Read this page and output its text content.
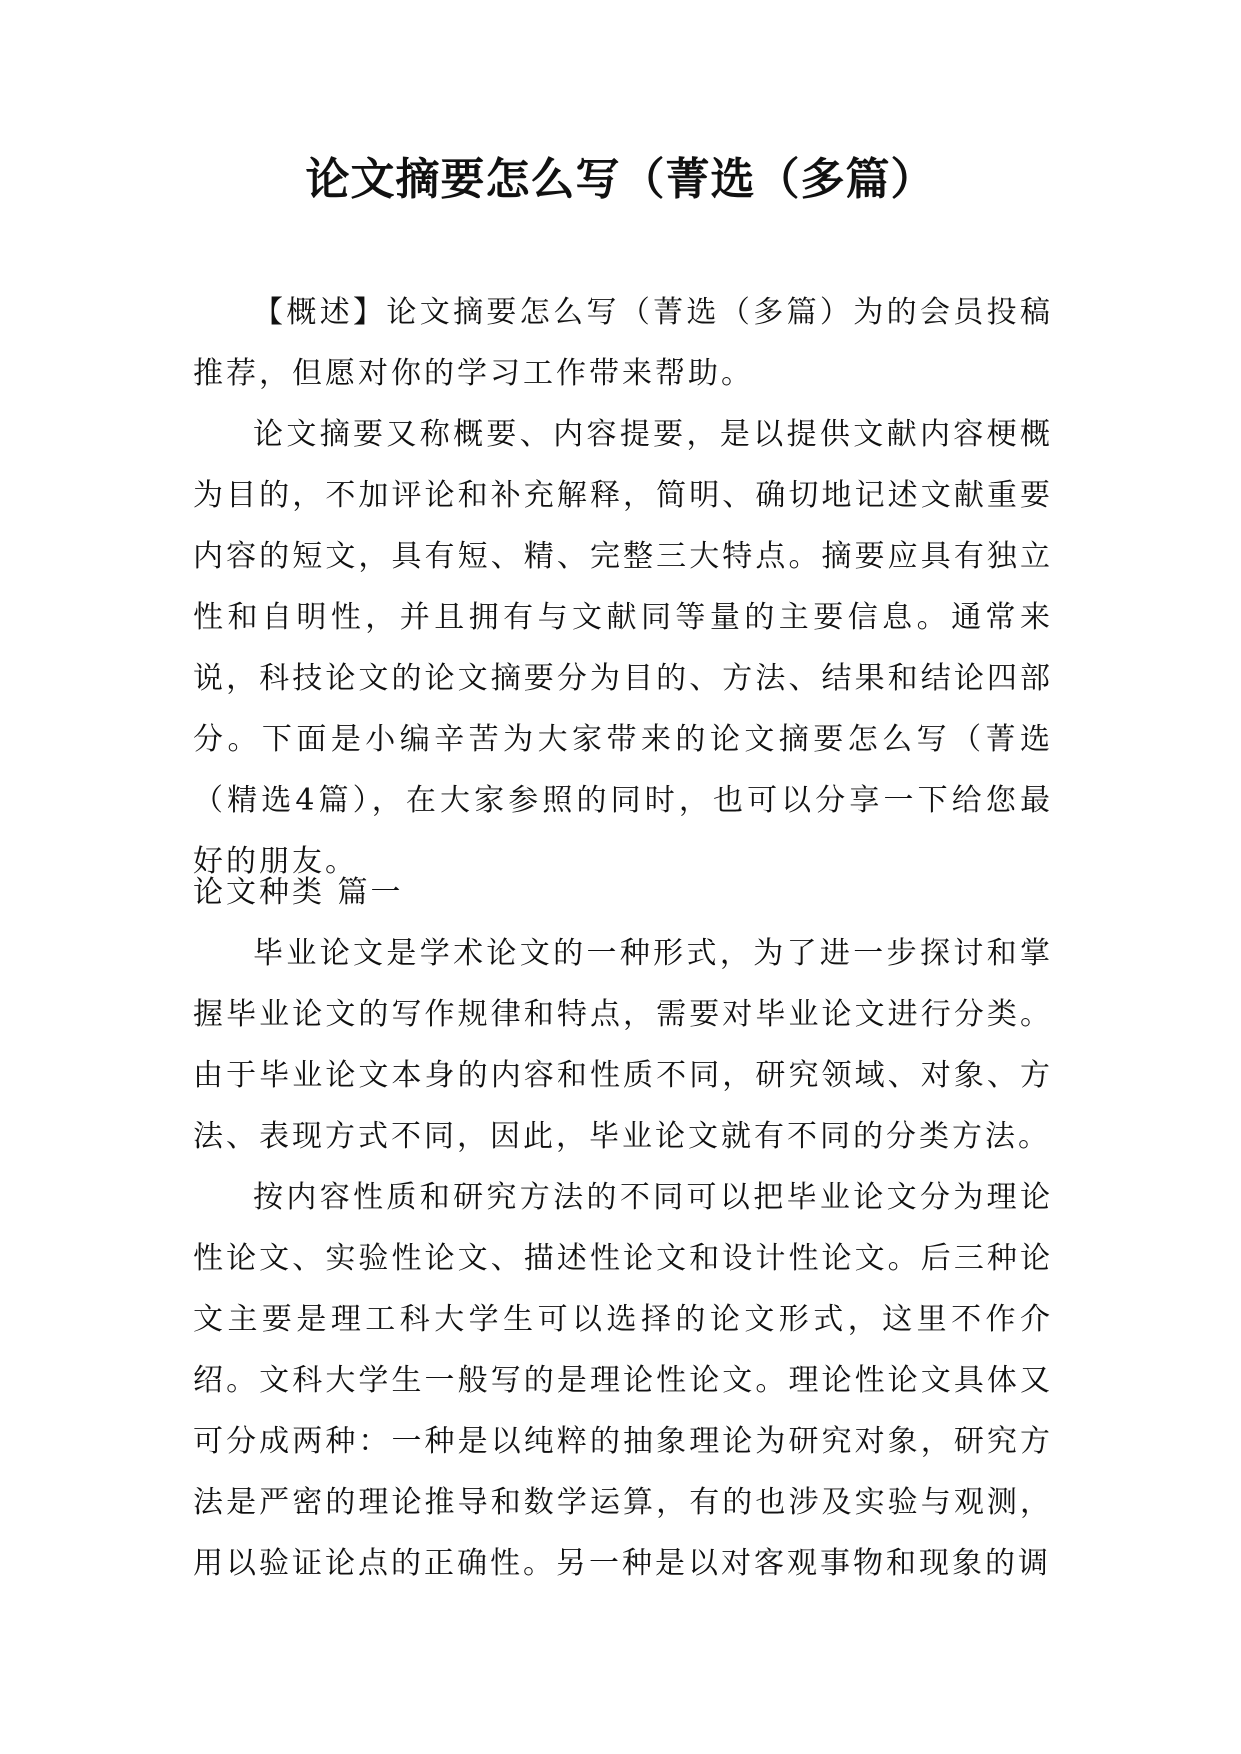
论文摘要怎么写（菁选（多篇）

【概述】论文摘要怎么写（菁选（多篇）为的会员投稿推荐，但愿对你的学习工作带来帮助。

论文摘要又称概要、内容提要，是以提供文献内容梗概为目的，不加评论和补充解释，简明、确切地记述文献重要内容的短文，具有短、精、完整三大特点。摘要应具有独立性和自明性，并且拥有与文献同等量的主要信息。通常来说，科技论文的论文摘要分为目的、方法、结果和结论四部分。下面是小编辛苦为大家带来的论文摘要怎么写（菁选（精选4篇），在大家参照的同时，也可以分享一下给您最好的朋友。

论文种类 篇一

毕业论文是学术论文的一种形式，为了进一步探讨和掌握毕业论文的写作规律和特点，需要对毕业论文进行分类。由于毕业论文本身的内容和性质不同，研究领域、对象、方法、表现方式不同，因此，毕业论文就有不同的分类方法。

按内容性质和研究方法的不同可以把毕业论文分为理论性论文、实验性论文、描述性论文和设计性论文。后三种论文主要是理工科大学生可以选择的论文形式，这里不作介绍。文科大学生一般写的是理论性论文。理论性论文具体又可分成两种：一种是以纯粹的抽象理论为研究对象，研究方法是严密的理论推导和数学运算，有的也涉及实验与观测，用以验证论点的正确性。另一种是以对客观事物和现象的调
